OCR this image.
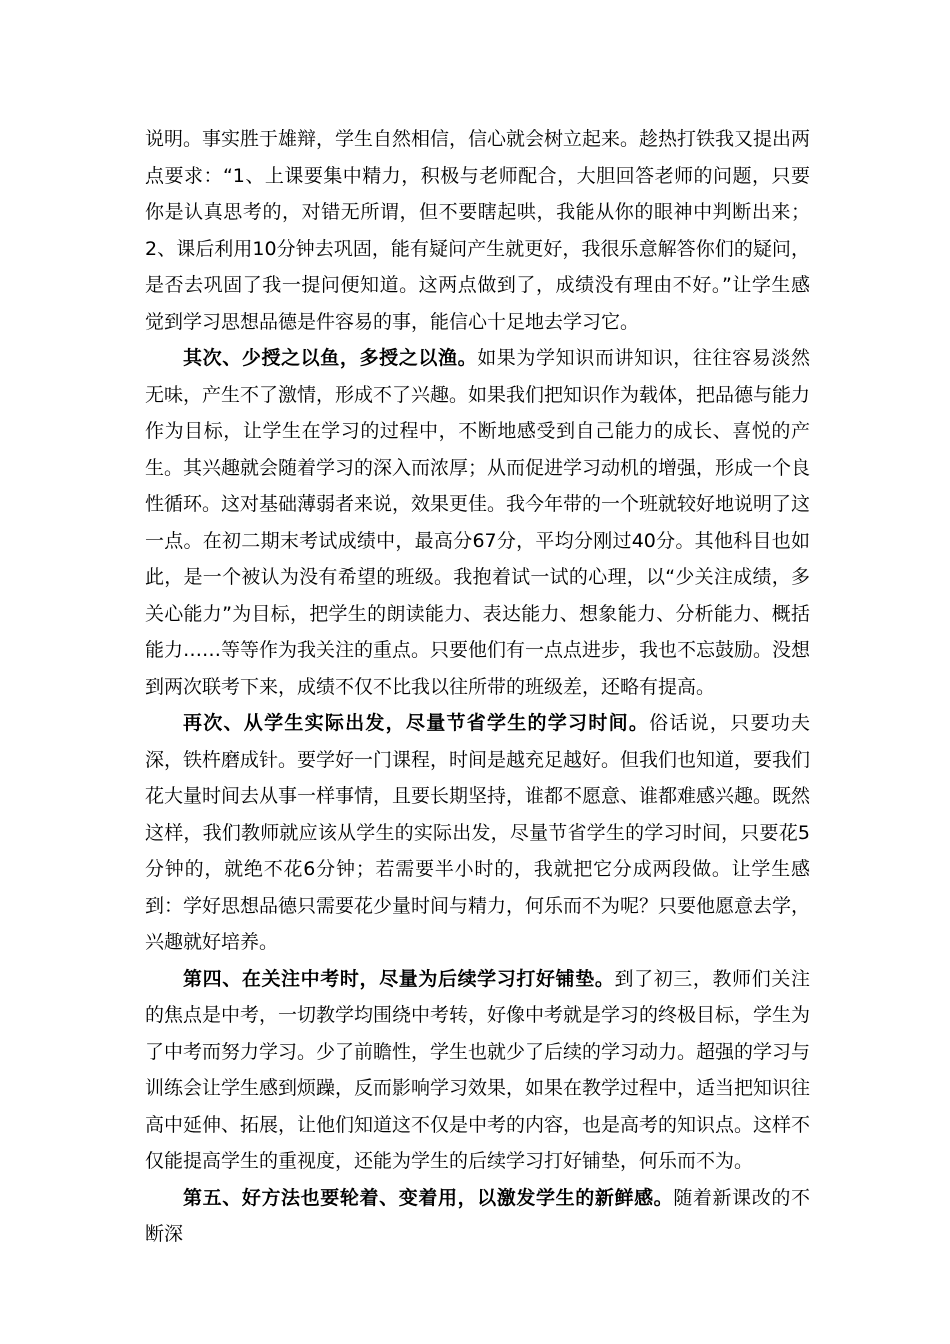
说明。事实胜于雄辩，学生自然相信，信心就会树立起来。趁热打铁我又提出两点要求：“1、上课要集中精力，积极与老师配合，大胆回答老师的问题，只要你是认真思考的，对错无所谓，但不要瞎起哄，我能从你的眼神中判断出来；2、课后利用10分钟去巩固，能有疑问产生就更好，我很乐意解答你们的疑问，是否去巩固了我一提问便知道。这两点做到了，成绩没有理由不好。”让学生感觉到学习思想品德是件容易的事，能信心十足地去学习它。

其次、少授之以鱼，多授之以渔。如果为学知识而讲知识，往往容易淡然无味，产生不了激情，形成不了兴趣。如果我们把知识作为载体，把品德与能力作为目标，让学生在学习的过程中，不断地感受到自己能力的成长、喜悦的产生。其兴趣就会随着学习的深入而浓厚；从而促进学习动机的增强，形成一个良性循环。这对基础薄弱者来说，效果更佳。我今年带的一个班就较好地说明了这一点。在初二期末考试成绩中，最高分67分，平均分刚过40分。其他科目也如此，是一个被认为没有希望的班级。我抱着试一试的心理，以“少关注成绩，多关心能力”为目标，把学生的朗读能力、表达能力、想象能力、分析能力、概括能力……等等作为我关注的重点。只要他们有一点点进步，我也不忘鼓励。没想到两次联考下来，成绩不仅不比我以往所带的班级差，还略有提高。

再次、从学生实际出发，尽量节省学生的学习时间。俗话说，只要功夫深，铁杵磨成针。要学好一门课程，时间是越充足越好。但我们也知道，要我们花大量时间去从事一样事情，且要长期坚持，谁都不愿意、谁都难感兴趣。既然这样，我们教师就应该从学生的实际出发，尽量节省学生的学习时间，只要花5分钟的，就绝不花6分钟；若需要半小时的，我就把它分成两段做。让学生感到：学好思想品德只需要花少量时间与精力，何乐而不为呢？只要他愿意去学，兴趣就好培养。

第四、在关注中考时，尽量为后续学习打好铺垫。到了初三，教师们关注的焦点是中考，一切教学均围绕中考转，好像中考就是学习的终极目标，学生为了中考而努力学习。少了前瞻性，学生也就少了后续的学习动力。超强的学习与训练会让学生感到烦躁，反而影响学习效果，如果在教学过程中，适当把知识往高中延伸、拓展，让他们知道这不仅是中考的内容，也是高考的知识点。这样不仅能提高学生的重视度，还能为学生的后续学习打好铺垫，何乐而不为。

第五、好方法也要轮着、变着用，以激发学生的新鲜感。随着新课改的不断深
